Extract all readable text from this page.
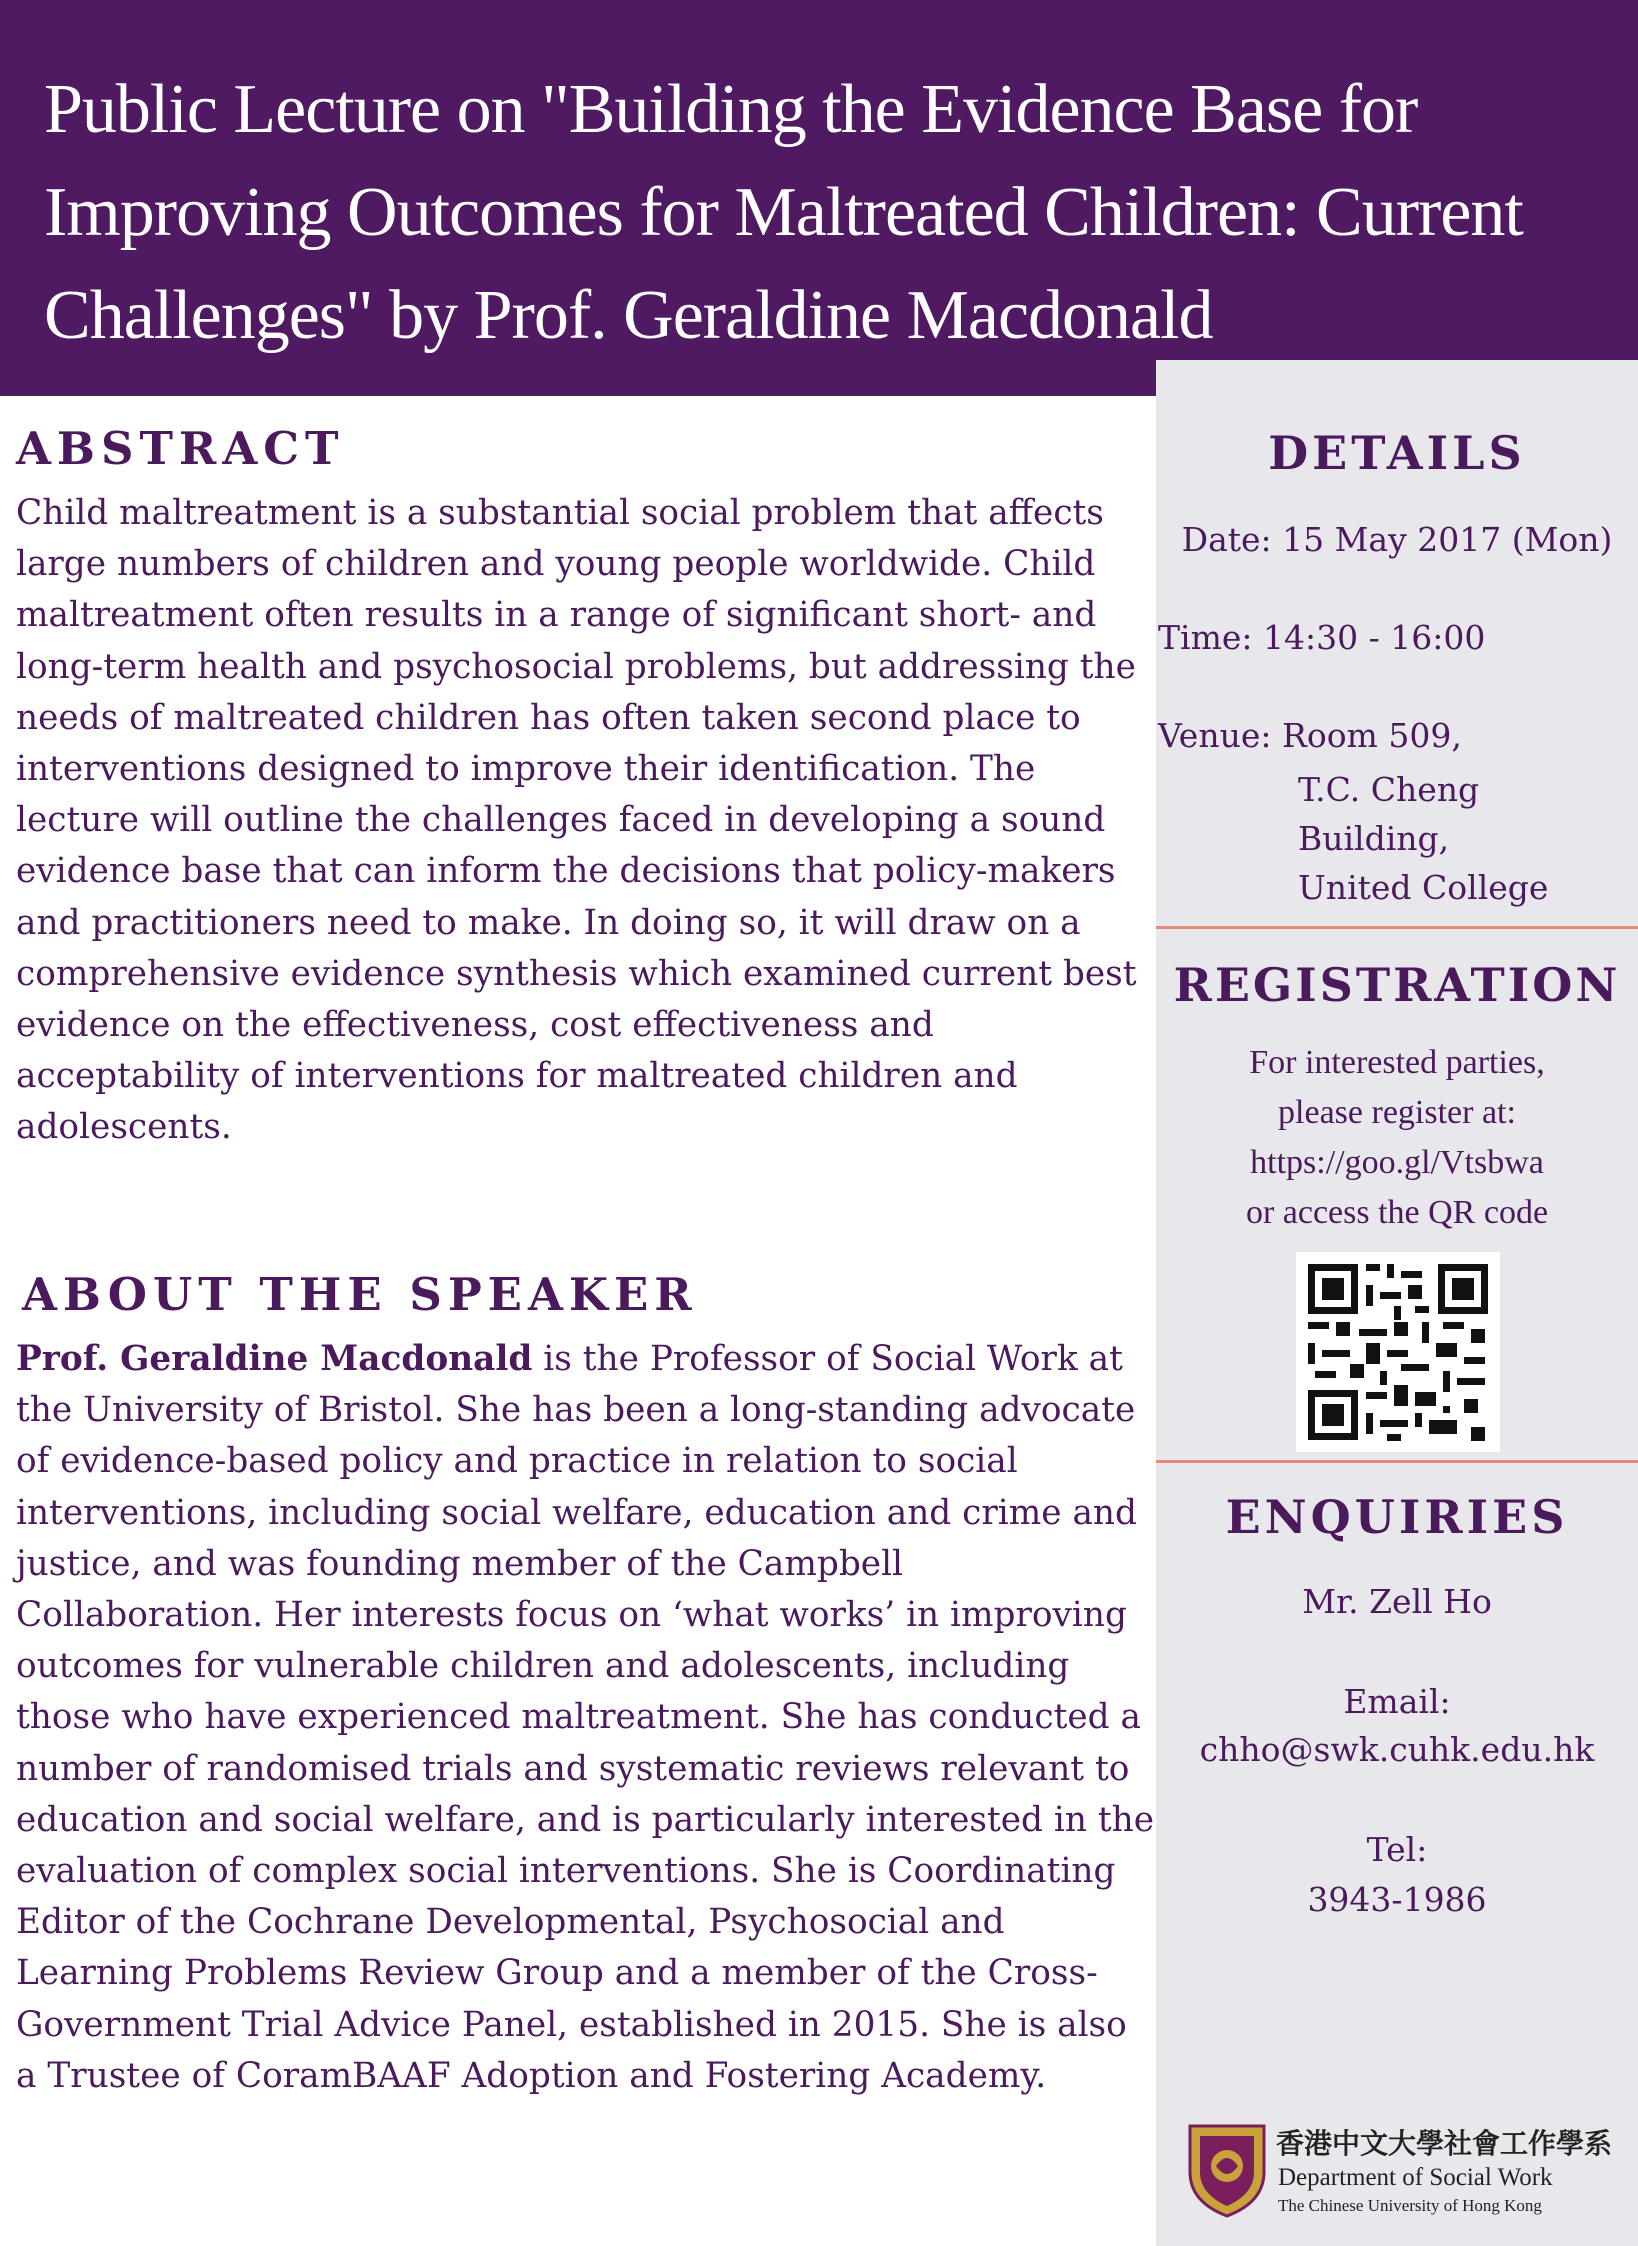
Public Lecture on "Building the Evidence Base for Improving Outcomes for Maltreated Children: Current Challenges" by Prof. Geraldine Macdonald
ABSTRACT

Child maltreatment is a substantial social problem that affects large numbers of children and young people worldwide. Child maltreatment often results in a range of significant short- and long-term health and psychosocial problems, but addressing the needs of maltreated children has often taken second place to interventions designed to improve their identification. The lecture will outline the challenges faced in developing a sound evidence base that can inform the decisions that policy-makers and practitioners need to make. In doing so, it will draw on a comprehensive evidence synthesis which examined current best evidence on the effectiveness, cost effectiveness and acceptability of interventions for maltreated children and adolescents.

ABOUT THE SPEAKER

Prof. Geraldine Macdonald is the Professor of Social Work at the University of Bristol. She has been a long-standing advocate of evidence-based policy and practice in relation to social interventions, including social welfare, education and crime and justice, and was founding member of the Campbell Collaboration. Her interests focus on ‘what works’ in improving outcomes for vulnerable children and adolescents, including those who have experienced maltreatment. She has conducted a number of randomised trials and systematic reviews relevant to education and social welfare, and is particularly interested in the evaluation of complex social interventions. She is Coordinating Editor of the Cochrane Developmental, Psychosocial and Learning Problems Review Group and a member of the Cross-Government Trial Advice Panel, established in 2015. She is also a Trustee of CoramBAAF Adoption and Fostering Academy.

DETAILS

Date: 15 May 2017 (Mon)

Time: 14:30 - 16:00

Venue: Room 509,

T.C. Cheng
Building,
United College
REGISTRATION
For interested parties,
please register at:
https://goo.gl/Vtsbwa
or access the QR code
ENQUIRIES

Mr. Zell Ho

Email:

chho@swk.cuhk.edu.hk

Tel:

3943-1986

香港中文大學社會工作學系

Department of Social Work

The Chinese University of Hong Kong
